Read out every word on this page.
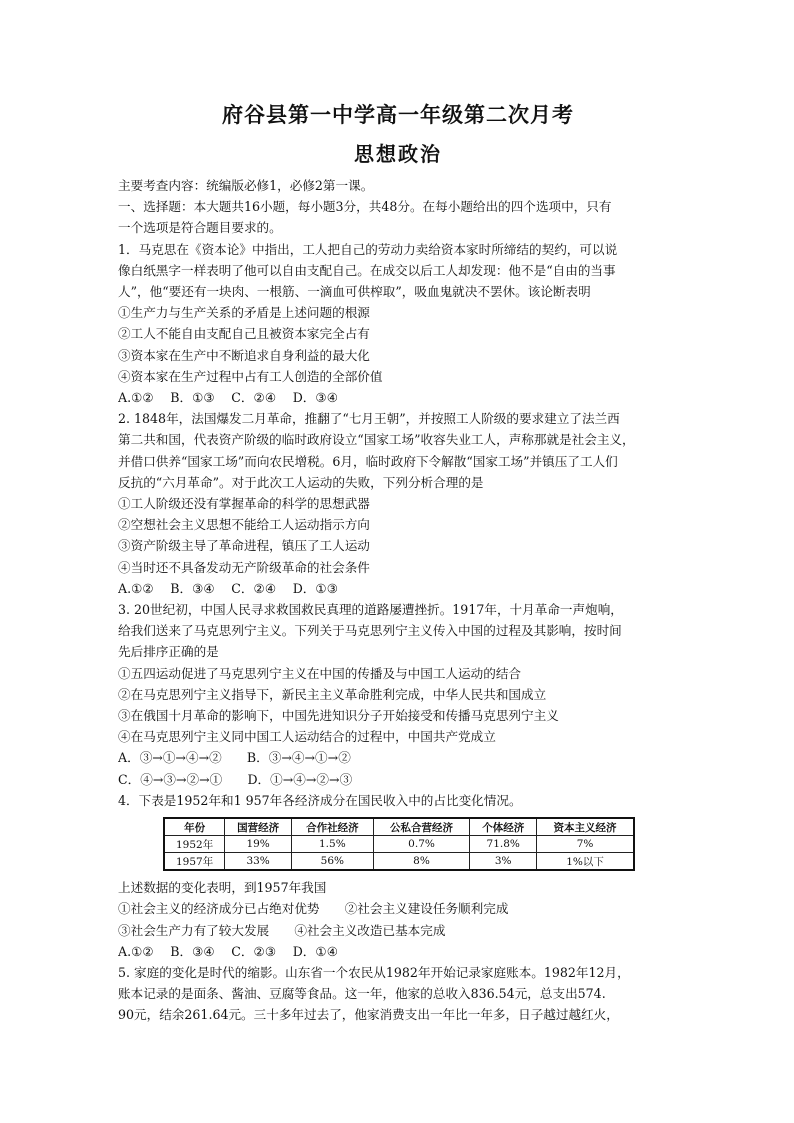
府谷县第一中学高一年级第二次月考
思想政治

主要考查内容：统编版必修1，必修2第一课。

一、选择题：本大题共16小题，每小题3分，共48分。在每小题给出的四个选项中，只有

一个选项是符合题目要求的。

1．马克思在《资本论》中指出，工人把自己的劳动力卖给资本家时所缔结的契约，可以说

像白纸黑字一样表明了他可以自由支配自己。在成交以后工人却发现：他不是“自由的当事

人”，他“要还有一块肉、一根筋、一滴血可供榨取”，吸血鬼就决不罢休。该论断表明

①生产力与生产关系的矛盾是上述问题的根源

②工人不能自由支配自己且被资本家完全占有

③资本家在生产中不断追求自身利益的最大化

④资本家在生产过程中占有工人创造的全部价值

A.①②　 B．①③　 C．②④　 D．③④

2. 1848年，法国爆发二月革命，推翻了“七月王朝”，并按照工人阶级的要求建立了法兰西

第二共和国，代表资产阶级的临时政府设立“国家工场”收容失业工人，声称那就是社会主义，

并借口供养“国家工场”而向农民增税。6月，临时政府下令解散“国家工场”并镇压了工人们

反抗的“六月革命”。对于此次工人运动的失败，下列分析合理的是

①工人阶级还没有掌握革命的科学的思想武器

②空想社会主义思想不能给工人运动指示方向

③资产阶级主导了革命进程，镇压了工人运动

④当时还不具备发动无产阶级革命的社会条件

A.①②　 B．③④　 C．②④　 D．①③

3. 20世纪初，中国人民寻求救国救民真理的道路屡遭挫折。1917年，十月革命一声炮响，

给我们送来了马克思列宁主义。下列关于马克思列宁主义传入中国的过程及其影响，按时间

先后排序正确的是

①五四运动促进了马克思列宁主义在中国的传播及与中国工人运动的结合

②在马克思列宁主义指导下，新民主主义革命胜利完成，中华人民共和国成立

③在俄国十月革命的影响下，中国先进知识分子开始接受和传播马克思列宁主义

④在马克思列宁主义同中国工人运动结合的过程中，中国共产党成立

A．③→①→④→②　　B．③→④→①→②

C．④→③→②→①　　D．①→④→②→③

4．下表是1952年和1 957年各经济成分在国民收入中的占比变化情况。

年份	国营经济	合作社经济	公私合营经济	个体经济	资本主义经济
1952年	19%	1.5%	0.7%	71.8%	7%
1957年	33%	56%	8%	3%	1%以下

上述数据的变化表明，到1957年我国

①社会主义的经济成分已占绝对优势　　②社会主义建设任务顺利完成

③社会生产力有了较大发展　　④社会主义改造已基本完成

A.①②　 B．③④　 C．②③　 D．①④

5. 家庭的变化是时代的缩影。山东省一个农民从1982年开始记录家庭账本。1982年12月，

账本记录的是面条、酱油、豆腐等食品。这一年，他家的总收入836.54元，总支出574.

90元，结余261.64元。三十多年过去了，他家消费支出一年比一年多，日子越过越红火，
